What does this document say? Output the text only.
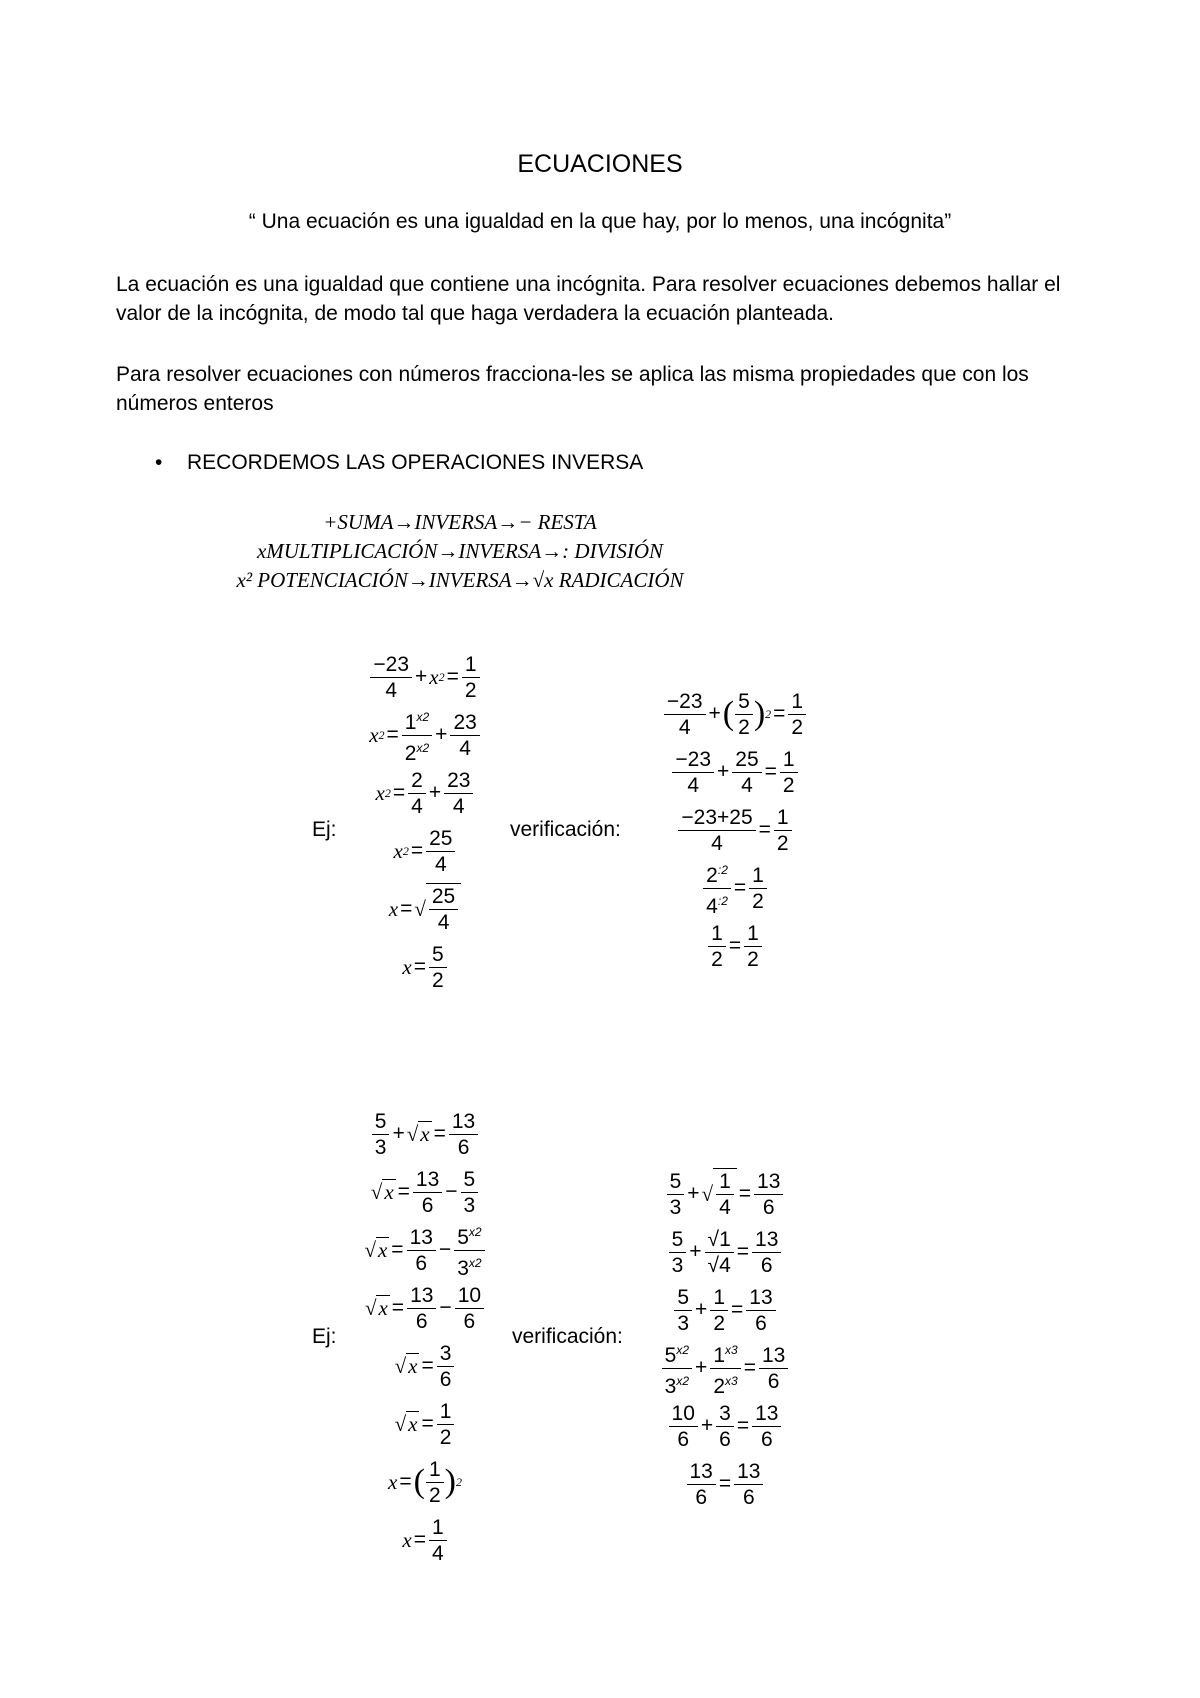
ECUACIONES
“ Una ecuación es una igualdad en la que hay, por lo menos, una incógnita”
La ecuación es una igualdad que contiene una incógnita. Para resolver ecuaciones debemos hallar el valor de la incógnita, de modo tal que haga verdadera la ecuación planteada.
Para resolver ecuaciones con números fracciona-les se aplica las misma propiedades que con los números enteros
• RECORDEMOS LAS OPERACIONES INVERSA
+SUMA→INVERSA→− RESTA
xMULTIPLICACIÓN→INVERSA→: DIVISIÓN
x² POTENCIACIÓN→INVERSA→√x RADICACIÓN
Ej:	verificación:
$\frac{-23}{4} + x$ $2 = \frac{1}{2}$
x $2 = \frac{1^{x2}}{2^{x2}} + \frac{23}{4}$
x $2 = \frac{2}{4} + \frac{23}{4}$
x $2 = \frac{25}{4}$
x = √ $\frac{25}{4}$
$x = \frac{5}{2}$
$\frac{-23}{4}$ + ( $\frac{5}{2}$ ) $2 = \frac{1}{2}$
$\frac{-23}{4} + \frac{25}{4} = \frac{1}{2}$
$\frac{-23+25}{4} = \frac{1}{2}$
$\frac{2^{:2}}{4^{:2}} = \frac{1}{2}$
$\frac{1}{2} = \frac{1}{2}$
Ej:	verificación:
$\frac{5}{3}$ + √ $x = \frac{13}{6}$
√ $x = \frac{13}{6} - \frac{5}{3}$
√ $x = \frac{13}{6} - \frac{5^{x2}}{3^{x2}}$
√ $x = \frac{13}{6} - \frac{10}{6}$
√ $x = \frac{3}{6}$
√ $x = \frac{1}{2}$
x = ( $\frac{1}{2}$ ) 2
$x = \frac{1}{4}$
$\frac{5}{3}$ + √ $\frac{1}{4} = \frac{13}{6}$
$\frac{5}{3} + \frac{√1}{√4} = \frac{13}{6}$
$\frac{5}{3} + \frac{1}{2} = \frac{13}{6}$
$\frac{5^{x2}}{3^{x2}} + \frac{1^{x3}}{2^{x3}} = \frac{13}{6}$
$\frac{10}{6} + \frac{3}{6} = \frac{13}{6}$
$\frac{13}{6} = \frac{13}{6}$
